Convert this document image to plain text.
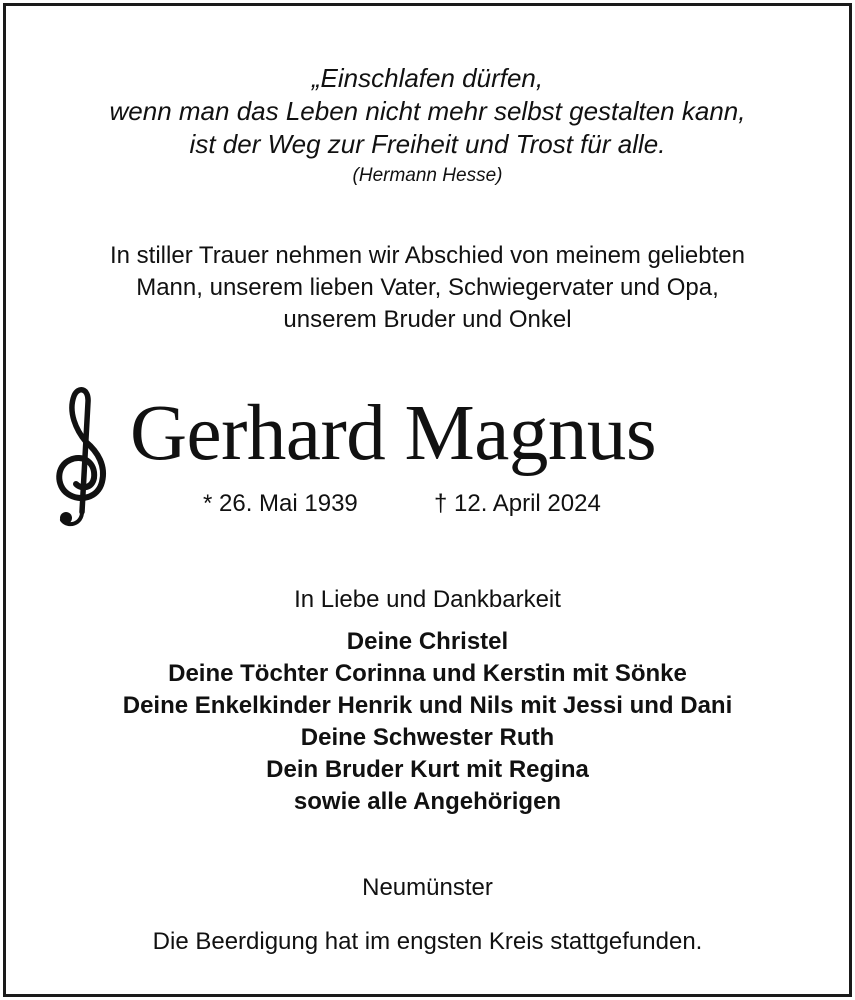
„Einschlafen dürfen,
wenn man das Leben nicht mehr selbst gestalten kann,
ist der Weg zur Freiheit und Trost für alle.
(Hermann Hesse)
In stiller Trauer nehmen wir Abschied von meinem geliebten
Mann, unserem lieben Vater, Schwiegervater und Opa,
unserem Bruder und Onkel
Gerhard Magnus
* 26. Mai 1939	† 12. April 2024
In Liebe und Dankbarkeit
Deine Christel
Deine Töchter Corinna und Kerstin mit Sönke
Deine Enkelkinder Henrik und Nils mit Jessi und Dani
Deine Schwester Ruth
Dein Bruder Kurt mit Regina
sowie alle Angehörigen
Neumünster
Die Beerdigung hat im engsten Kreis stattgefunden.
